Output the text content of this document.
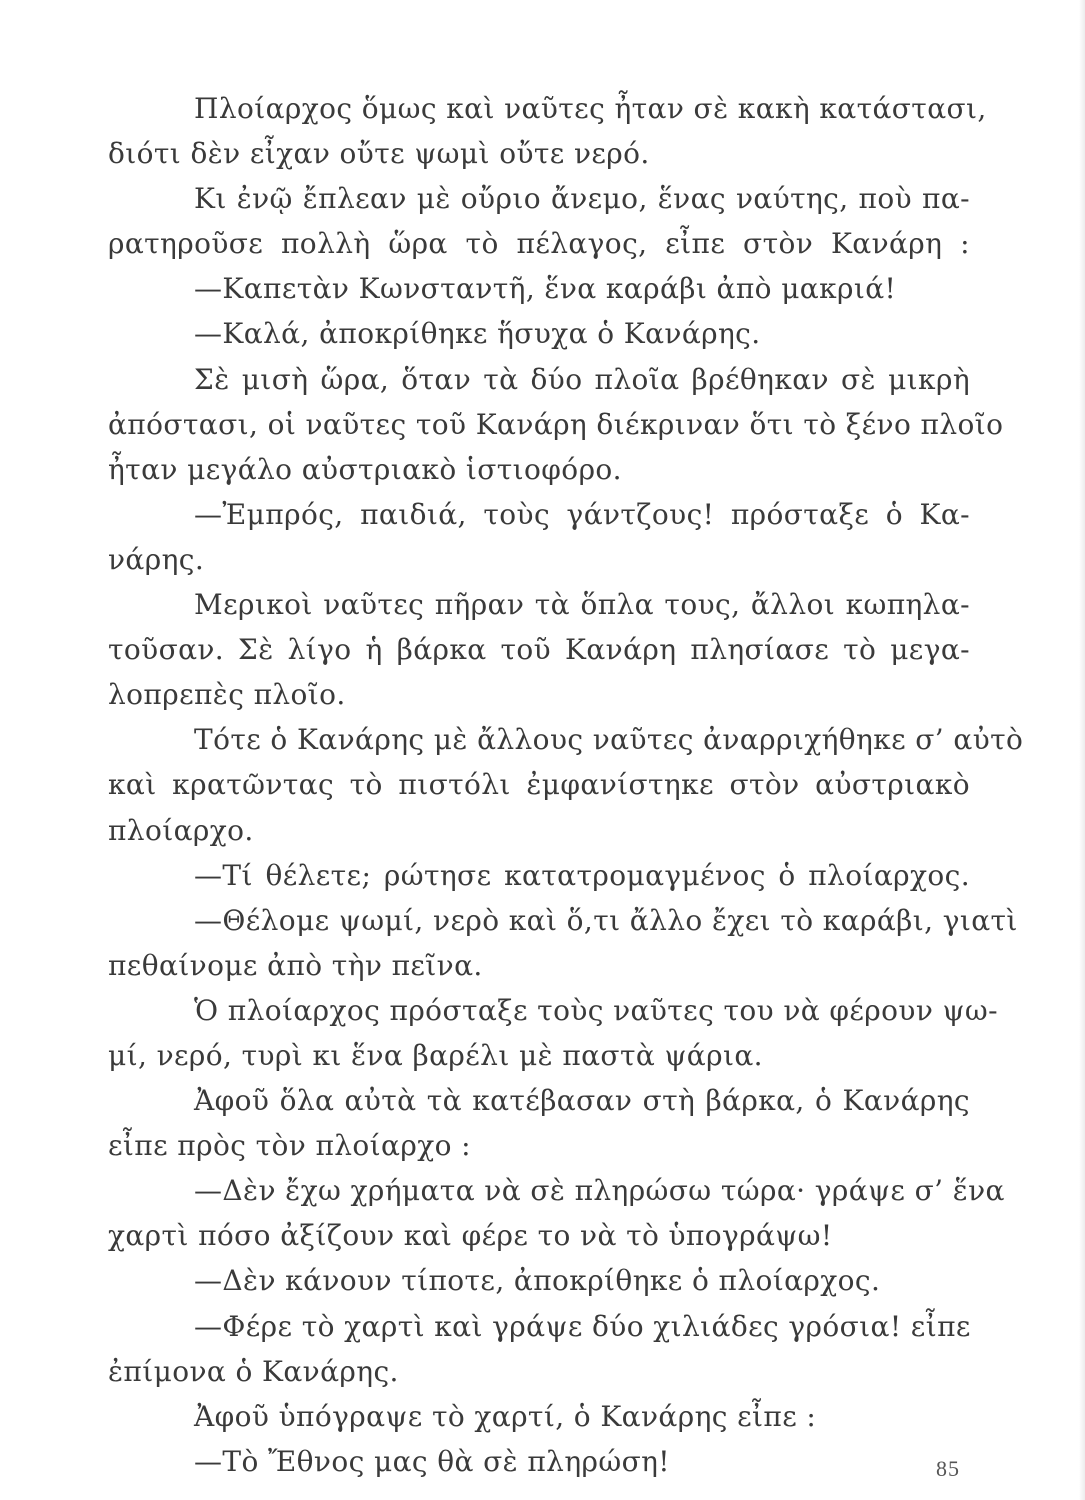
Πλοίαρχος ὅμως καὶ ναῦτες ἦταν σὲ κακὴ κατάστασι,
διότι δὲν εἶχαν οὔτε ψωμὶ οὔτε νερό.
Κι ἐνῷ ἔπλεαν μὲ οὔριο ἄνεμο, ἕνας ναύτης, ποὺ πα-
ρατηροῦσε πολλὴ ὥρα τὸ πέλαγος, εἶπε στὸν Κανάρη :
—Καπετὰν Κωνσταντῆ, ἕνα καράβι ἀπὸ μακριά!
—Καλά, ἀποκρίθηκε ἥσυχα ὁ Κανάρης.
Σὲ μισὴ ὥρα, ὅταν τὰ δύο πλοῖα βρέθηκαν σὲ μικρὴ
ἀπόστασι, οἱ ναῦτες τοῦ Κανάρη διέκριναν ὅτι τὸ ξένο πλοῖο
ἦταν μεγάλο αὐστριακὸ ἱστιοφόρο.
—Ἐμπρός, παιδιά, τοὺς γάντζους! πρόσταξε ὁ Κα-
νάρης.
Μερικοὶ ναῦτες πῆραν τὰ ὅπλα τους, ἄλλοι κωπηλα-
τοῦσαν. Σὲ λίγο ἡ βάρκα τοῦ Κανάρη πλησίασε τὸ μεγα-
λοπρεπὲς πλοῖο.
Τότε ὁ Κανάρης μὲ ἄλλους ναῦτες ἀναρριχήθηκε σ’ αὐτὸ
καὶ κρατῶντας τὸ πιστόλι ἐμφανίστηκε στὸν αὐστριακὸ
πλοίαρχο.
—Τί θέλετε; ρώτησε κατατρομαγμένος ὁ πλοίαρχος.
—Θέλομε ψωμί, νερὸ καὶ ὅ,τι ἄλλο ἔχει τὸ καράβι, γιατὶ
πεθαίνομε ἀπὸ τὴν πεῖνα.
Ὁ πλοίαρχος πρόσταξε τοὺς ναῦτες του νὰ φέρουν ψω-
μί, νερό, τυρὶ κι ἕνα βαρέλι μὲ παστὰ ψάρια.
Ἀφοῦ ὅλα αὐτὰ τὰ κατέβασαν στὴ βάρκα, ὁ Κανάρης
εἶπε πρὸς τὸν πλοίαρχο :
—Δὲν ἔχω χρήματα νὰ σὲ πληρώσω τώρα· γράψε σ’ ἕνα
χαρτὶ πόσο ἀξίζουν καὶ φέρε το νὰ τὸ ὑπογράψω!
—Δὲν κάνουν τίποτε, ἀποκρίθηκε ὁ πλοίαρχος.
—Φέρε τὸ χαρτὶ καὶ γράψε δύο χιλιάδες γρόσια! εἶπε
ἐπίμονα ὁ Κανάρης.
Ἀφοῦ ὑπόγραψε τὸ χαρτί, ὁ Κανάρης εἶπε :
—Τὸ Ἔθνος μας θὰ σὲ πληρώση!	85
